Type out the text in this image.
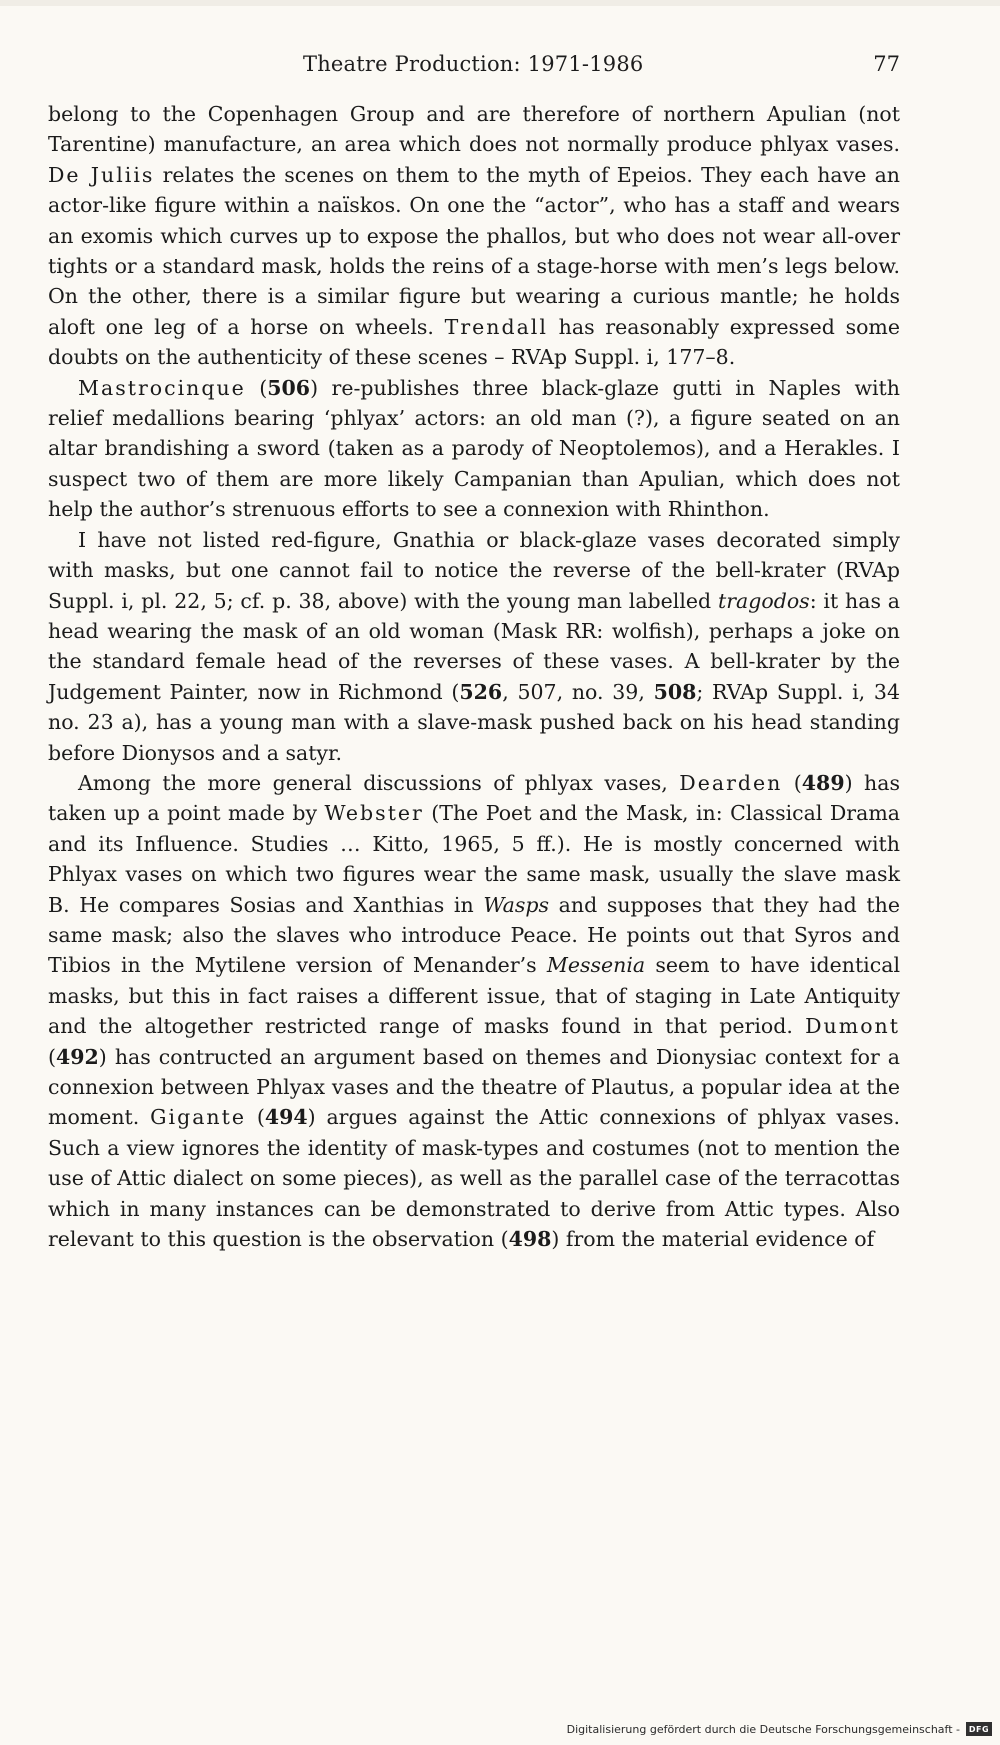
Theatre Production: 1971-1986	77

belong to the Copenhagen Group and are therefore of northern Apulian (not Tarentine) manufacture, an area which does not normally produce phlyax vases. De Juliis relates the scenes on them to the myth of Epeios. They each have an actor-like figure within a naïskos. On one the “actor”, who has a staff and wears an exomis which curves up to expose the phallos, but who does not wear all-over tights or a standard mask, holds the reins of a stage-horse with men’s legs below. On the other, there is a similar figure but wearing a curious mantle; he holds aloft one leg of a horse on wheels. Trendall has reasonably expressed some doubts on the authenticity of these scenes – RVAp Suppl. i, 177–8.

Mastrocinque (506) re-publishes three black-glaze gutti in Naples with relief medallions bearing ‘phlyax’ actors: an old man (?), a figure seated on an altar brandishing a sword (taken as a parody of Neoptolemos), and a Herakles. I suspect two of them are more likely Campanian than Apulian, which does not help the author’s strenuous efforts to see a connexion with Rhinthon.

I have not listed red-figure, Gnathia or black-glaze vases decorated simply with masks, but one cannot fail to notice the reverse of the bell-krater (RVAp Suppl. i, pl. 22, 5; cf. p. 38, above) with the young man labelled tragodos: it has a head wearing the mask of an old woman (Mask RR: wolfish), perhaps a joke on the standard female head of the reverses of these vases. A bell-krater by the Judgement Painter, now in Richmond (526, 507, no. 39, 508; RVAp Suppl. i, 34 no. 23 a), has a young man with a slave-mask pushed back on his head standing before Dionysos and a satyr.

Among the more general discussions of phlyax vases, Dearden (489) has taken up a point made by Webster (The Poet and the Mask, in: Classical Drama and its Influence. Studies … Kitto, 1965, 5 ff.). He is mostly concerned with Phlyax vases on which two figures wear the same mask, usually the slave mask B. He compares Sosias and Xanthias in Wasps and supposes that they had the same mask; also the slaves who introduce Peace. He points out that Syros and Tibios in the Mytilene version of Menander’s Messenia seem to have identical masks, but this in fact raises a different issue, that of staging in Late Antiquity and the altogether restricted range of masks found in that period. Dumont (492) has contructed an argument based on themes and Dionysiac context for a connexion between Phlyax vases and the theatre of Plautus, a popular idea at the moment. Gigante (494) argues against the Attic connexions of phlyax vases. Such a view ignores the identity of mask-types and costumes (not to mention the use of Attic dialect on some pieces), as well as the parallel case of the terracottas which in many instances can be demonstrated to derive from Attic types. Also relevant to this question is the observation (498) from the material evidence of

Digitalisierung gefördert durch die Deutsche Forschungsgemeinschaft -	DFG
